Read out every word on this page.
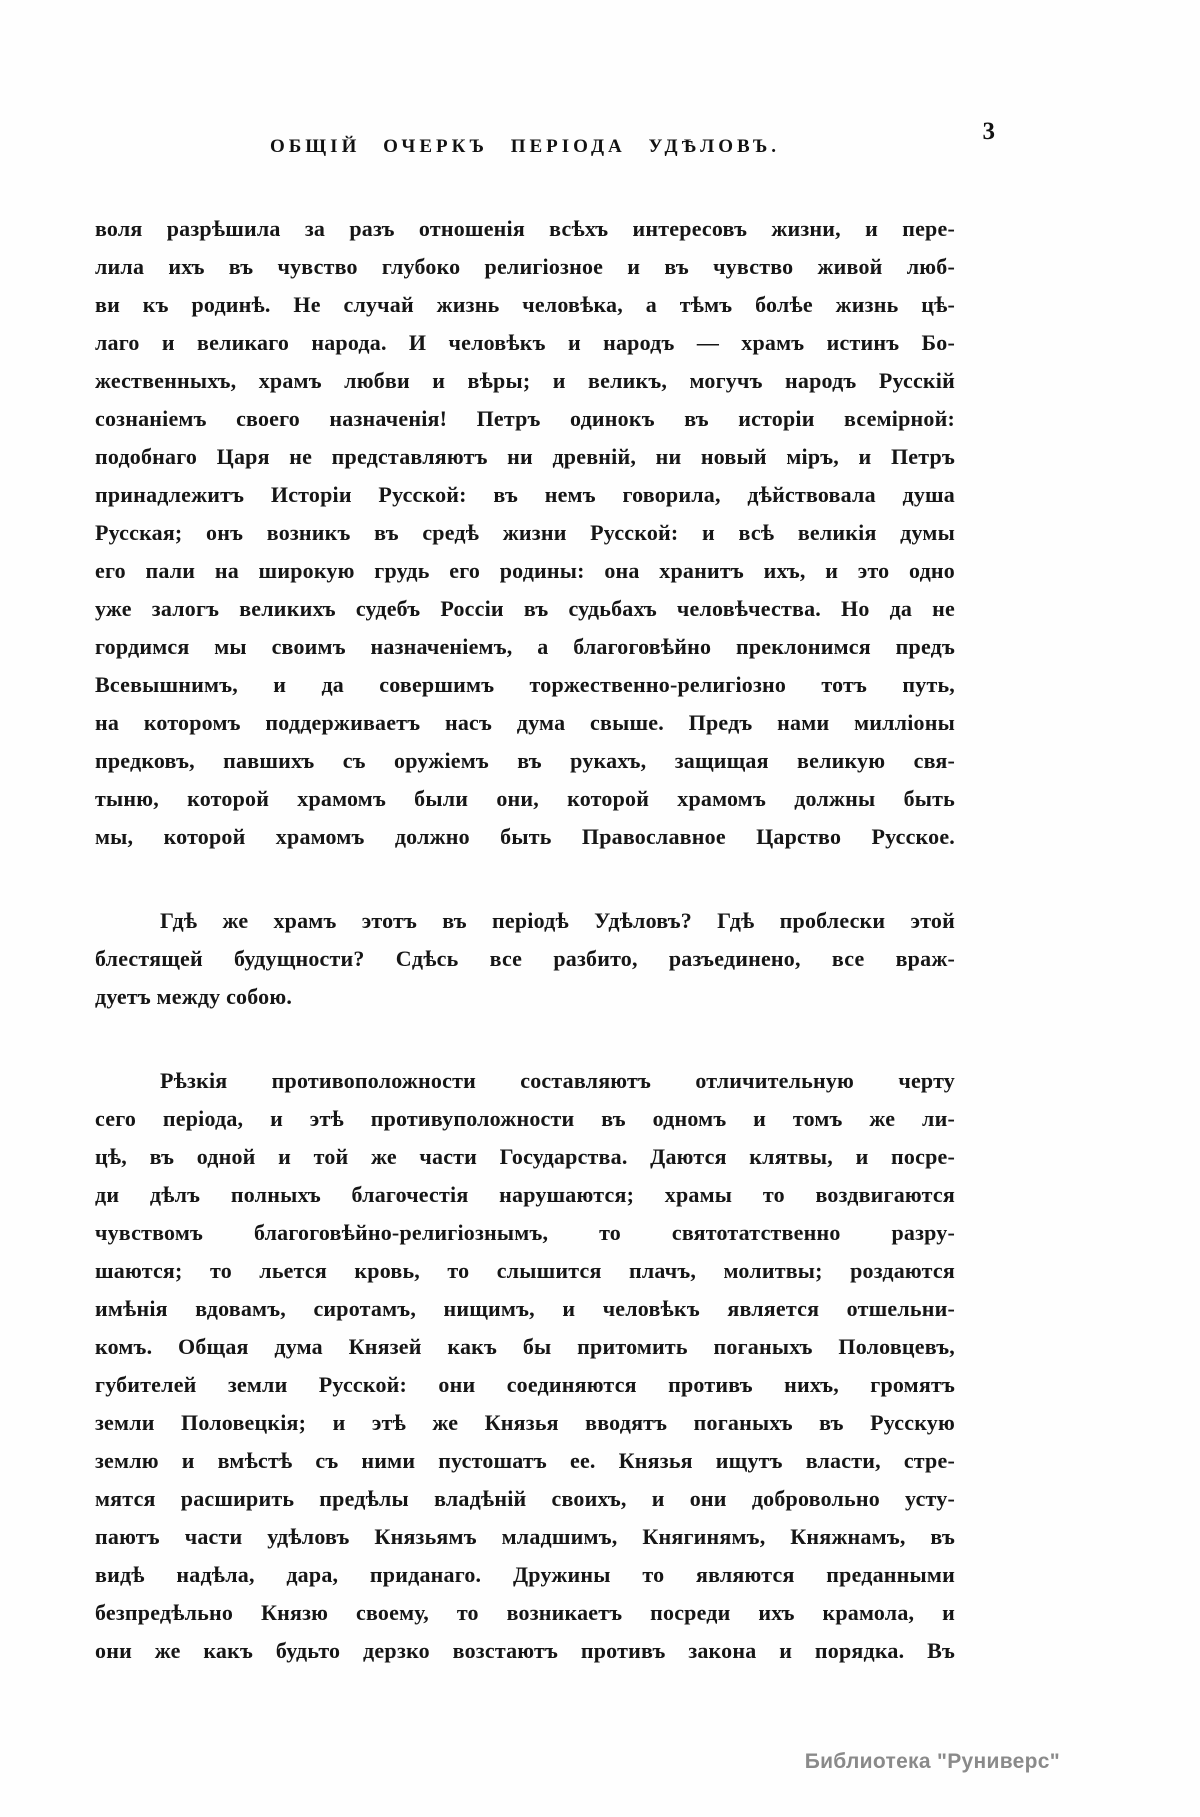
ОБЩІЙ ОЧЕРКЪ ПЕРІОДА УДѢЛОВЪ.
3
воля разрѣшила за разъ отношенія всѣхъ интересовъ жизни, и пере-
лила ихъ въ чувство глубоко религіозное и въ чувство живой люб-
ви къ родинѣ. Не случай жизнь человѣка, а тѣмъ болѣе жизнь цѣ-
лаго и великаго народа. И человѣкъ и народъ — храмъ истинъ Бо-
жественныхъ, храмъ любви и вѣры; и великъ, могучъ народъ Русскій
сознаніемъ своего назначенія! Петръ одинокъ въ исторіи всемірной:
подобнаго Царя не представляютъ ни древній, ни новый міръ, и Петръ
принадлежитъ Исторіи Русской: въ немъ говорила, дѣйствовала душа
Русская; онъ возникъ въ средѣ жизни Русской: и всѣ великія думы
его пали на широкую грудь его родины: она хранитъ ихъ, и это одно
уже залогъ великихъ судебъ Россіи въ судьбахъ человѣчества. Но да не
гордимся мы своимъ назначеніемъ, а благоговѣйно преклонимся предъ
Всевышнимъ, и да совершимъ торжественно-религіозно тотъ путь,
на которомъ поддерживаетъ насъ дума свыше. Предъ нами милліоны
предковъ, павшихъ съ оружіемъ въ рукахъ, защищая великую свя-
тыню, которой храмомъ были они, которой храмомъ должны быть
мы, которой храмомъ должно быть Православное Царство Русское.
Гдѣ же храмъ этотъ въ періодѣ Удѣловъ? Гдѣ проблески этой
блестящей будущности? Сдѣсь все разбито, разъединено, все враж-
дуетъ между собою.
Рѣзкія противоположности составляютъ отличительную черту
сего періода, и этѣ противуположности въ одномъ и томъ же ли-
цѣ, въ одной и той же части Государства. Даются клятвы, и посре-
ди дѣлъ полныхъ благочестія нарушаются; храмы то воздвигаются
чувствомъ благоговѣйно-религіознымъ, то святотатственно разру-
шаются; то льется кровь, то слышится плачъ, молитвы; роздаются
имѣнія вдовамъ, сиротамъ, нищимъ, и человѣкъ является отшельни-
комъ. Общая дума Князей какъ бы притомить поганыхъ Половцевъ,
губителей земли Русской: они соединяются противъ нихъ, громятъ
земли Половецкія; и этѣ же Князья вводятъ поганыхъ въ Русскую
землю и вмѣстѣ съ ними пустошатъ ее. Князья ищутъ власти, стре-
мятся расширить предѣлы владѣній своихъ, и они добровольно усту-
паютъ части удѣловъ Князьямъ младшимъ, Княгинямъ, Княжнамъ, въ
видѣ надѣла, дара, приданаго. Дружины то являются преданными
безпредѣльно Князю своему, то возникаетъ посреди ихъ крамола, и
они же какъ будьто дерзко возстаютъ противъ закона и порядка. Въ
Библиотека "Руниверс"
